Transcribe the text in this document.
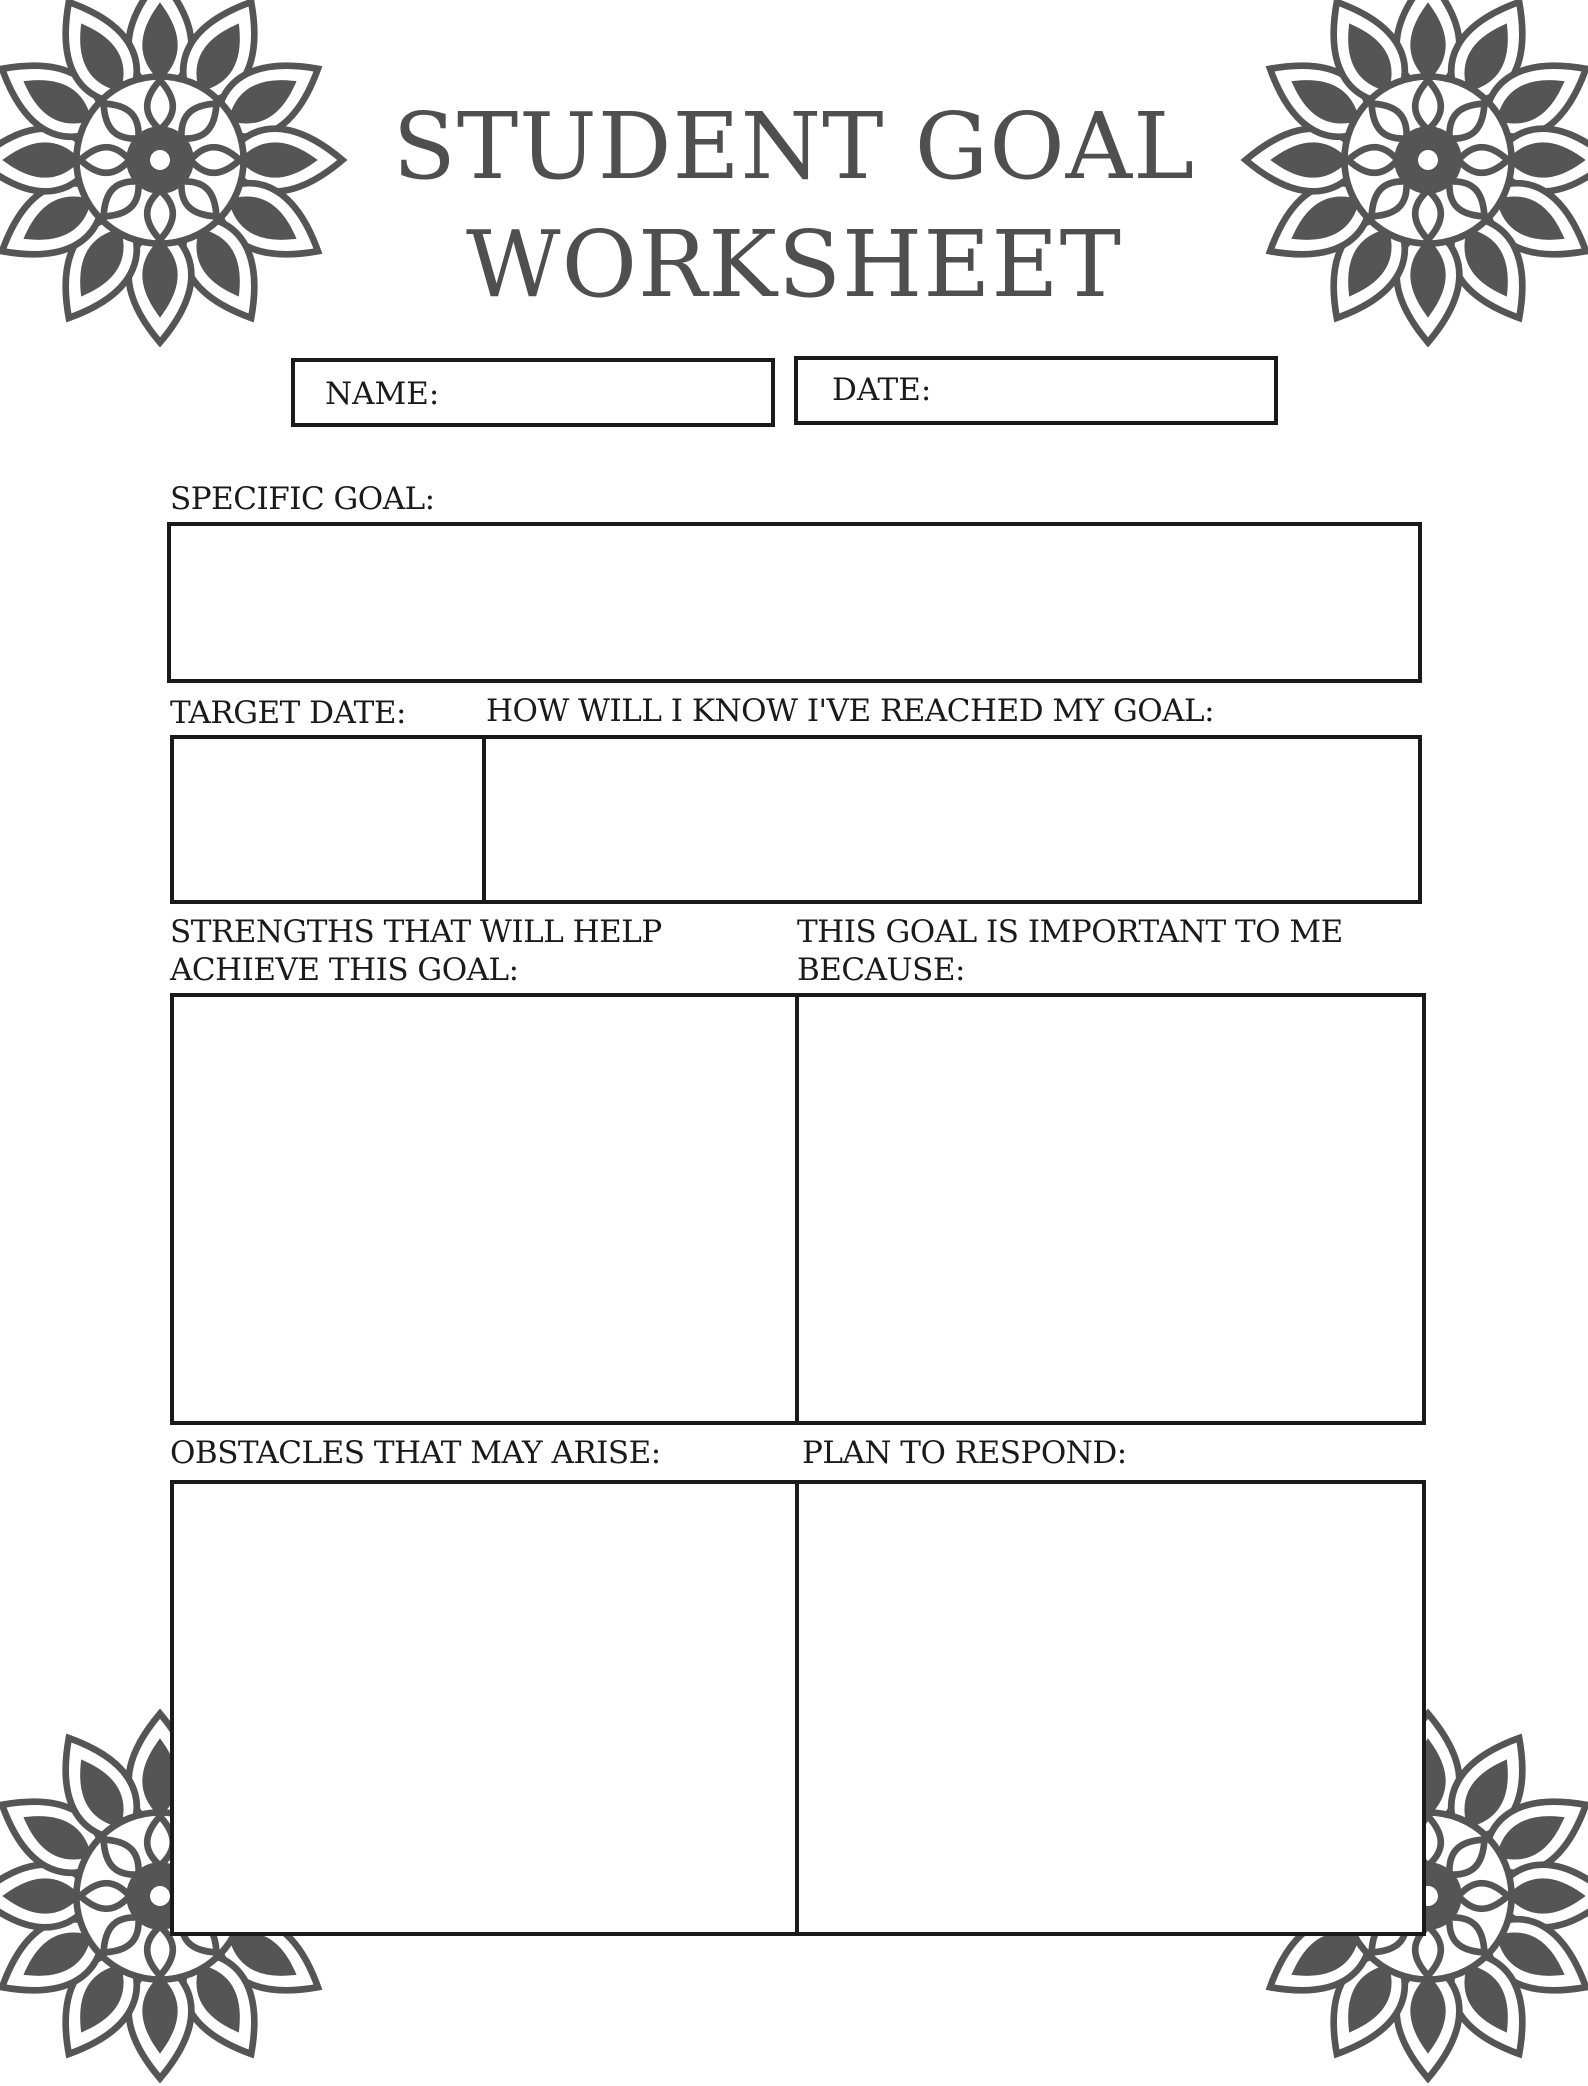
STUDENT GOAL
WORKSHEET
NAME:	DATE:
SPECIFIC GOAL:
TARGET DATE:	HOW WILL I KNOW I'VE REACHED MY GOAL:
STRENGTHS THAT WILL HELP
ACHIEVE THIS GOAL:
THIS GOAL IS IMPORTANT TO ME
BECAUSE:
OBSTACLES THAT MAY ARISE:	PLAN TO RESPOND:
